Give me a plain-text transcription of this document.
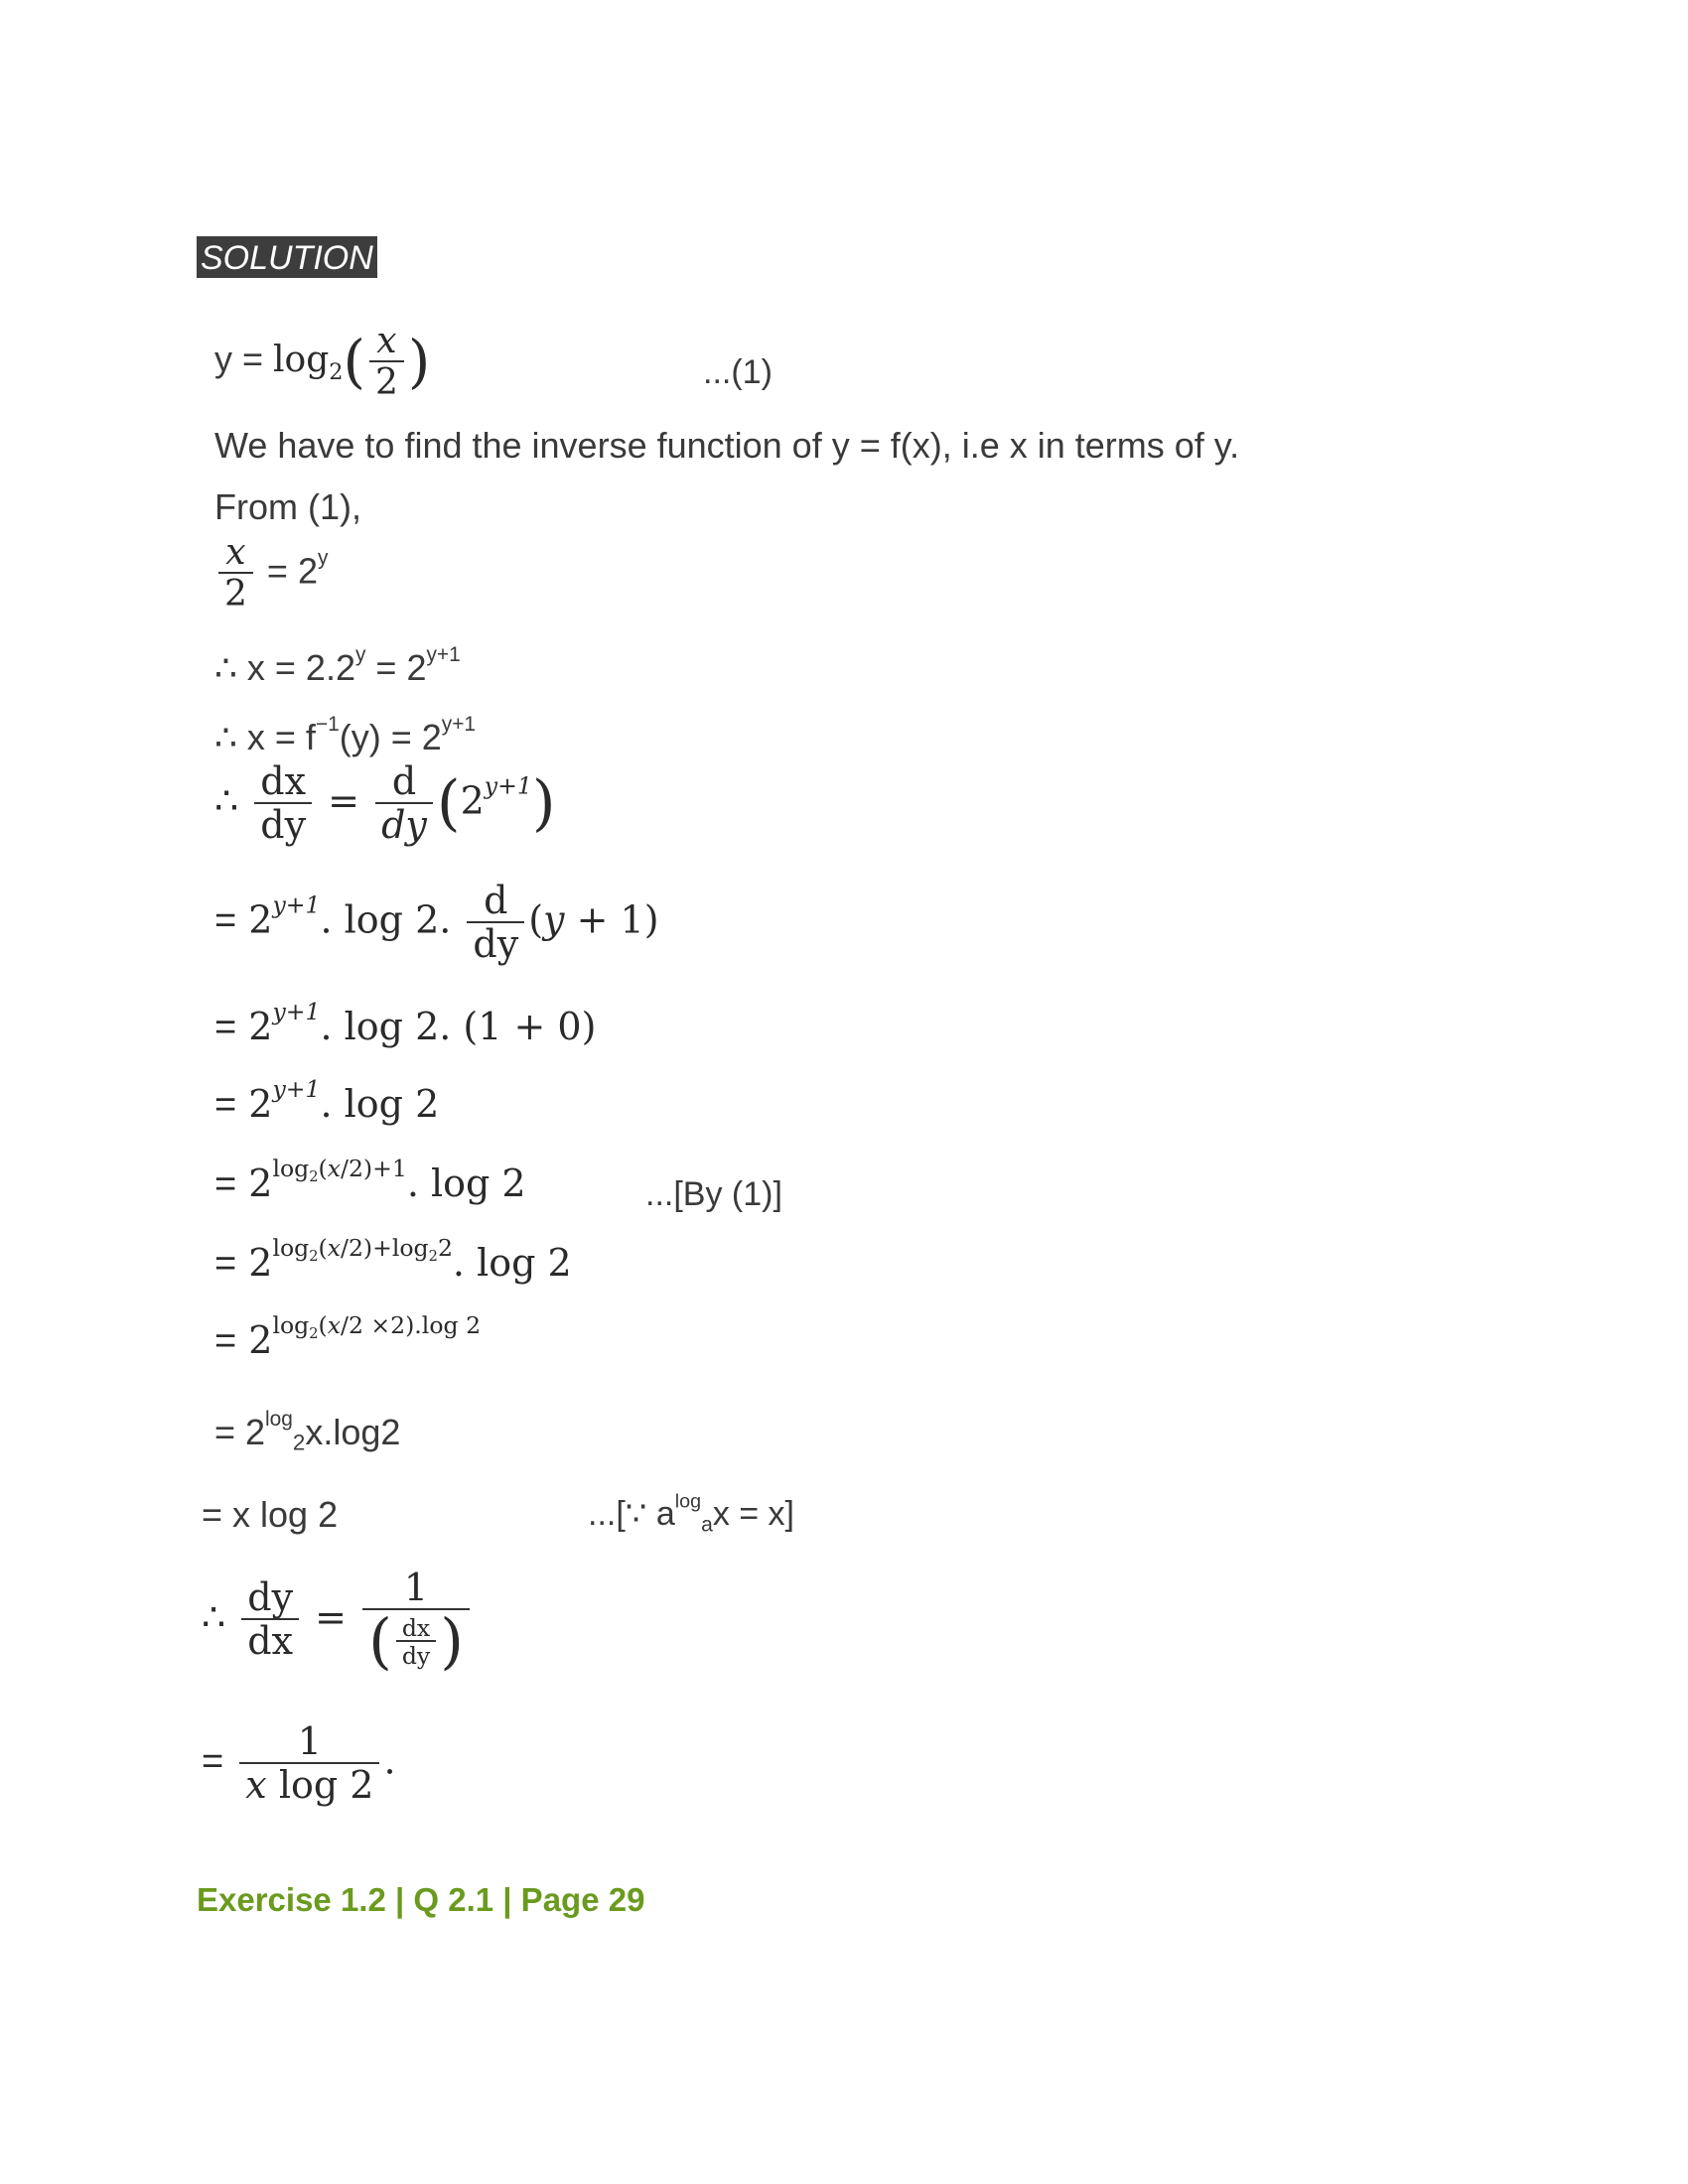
SOLUTION
$y = \log_2( \frac{x}{2}$ )	...(1)
We have to find the inverse function of y = f(x), i.e x in terms of y.
From (1),
$\frac{x}{2} = 2^y$
∴ $x = 2.2^y = 2^{y+1}$
∴ $x = f^{-1}(y) = 2^{y+1}$
∴ $\frac{dx}{dy} = \frac{d}{dy} (2^{y+1})$
= $2^{y+1}$. log 2. $\frac{d}{dy} (y + 1)$
= $2^{y+1}$. log 2. (1 + 0)
= $2^{y+1}$. log 2
= $2^{log_2(x/2)+1}$. log 2	...[By (1)]
= $2^{log_2(x/2)+log_22}$. log 2
= $2^{log_2(x/2 \times 2).log 2}$
= $2^{log}2x.\log 2$
= x log 2	...[∵ $a^{log}ax = x$]
∴ $\frac{dy}{dx} = \frac{1}{( \frac{dx}{dy} )}$
= $\frac{1}{\text{x log 2}}$ .
Exercise 1.2 | Q 2.1 | Page 29
